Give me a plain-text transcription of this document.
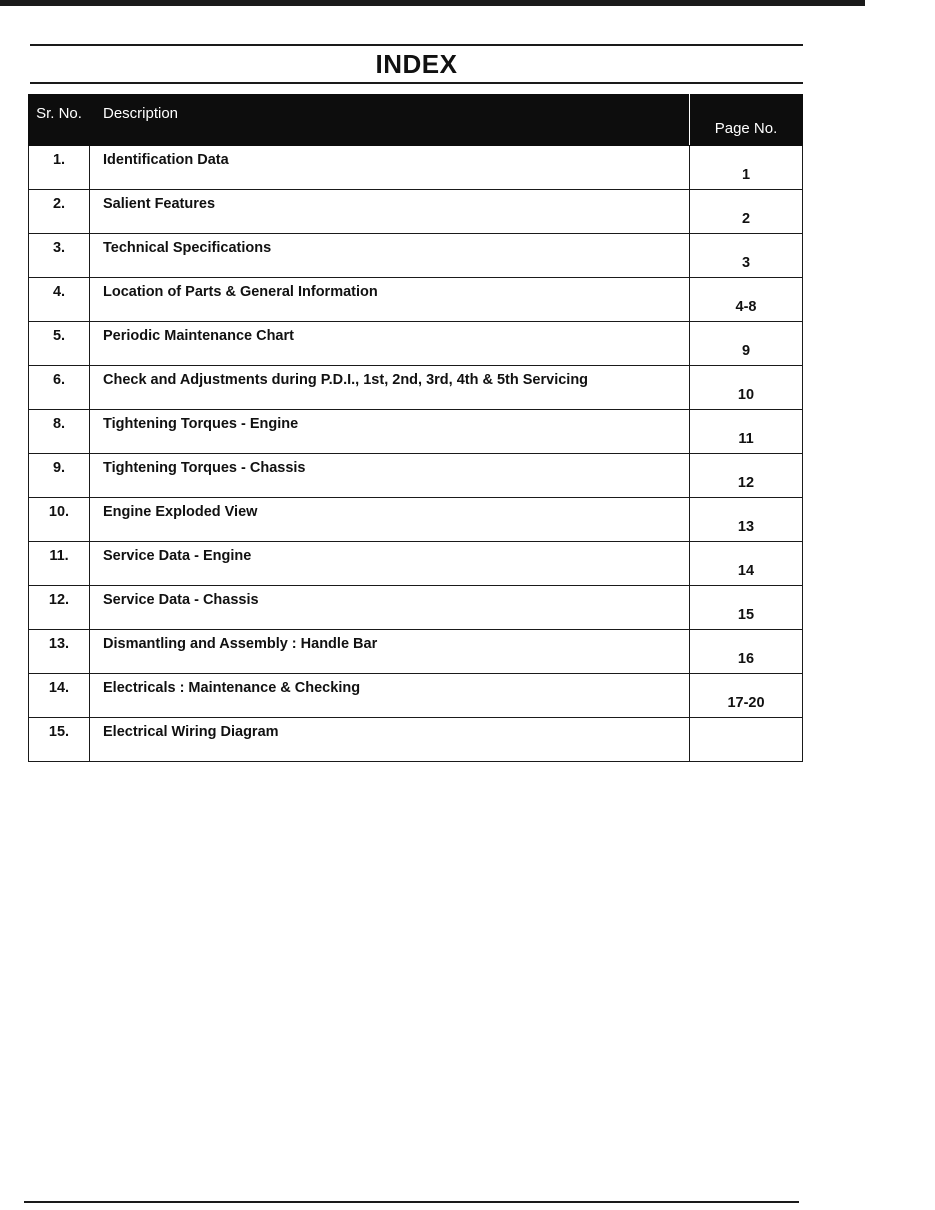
INDEX
Sr. No.	Description	Page No.
1.	Identification Data	1
2.	Salient Features	2
3.	Technical Specifications	3
4.	Location of Parts & General Information	4-8
5.	Periodic Maintenance Chart	9
6.	Check and Adjustments during P.D.I., 1st, 2nd, 3rd, 4th & 5th Servicing	10
8.	Tightening Torques - Engine	11
9.	Tightening Torques - Chassis	12
10.	Engine Exploded View	13
11.	Service Data - Engine	14
12.	Service Data - Chassis	15
13.	Dismantling and Assembly : Handle Bar	16
14.	Electricals : Maintenance & Checking	17-20
15.	Electrical Wiring Diagram	
